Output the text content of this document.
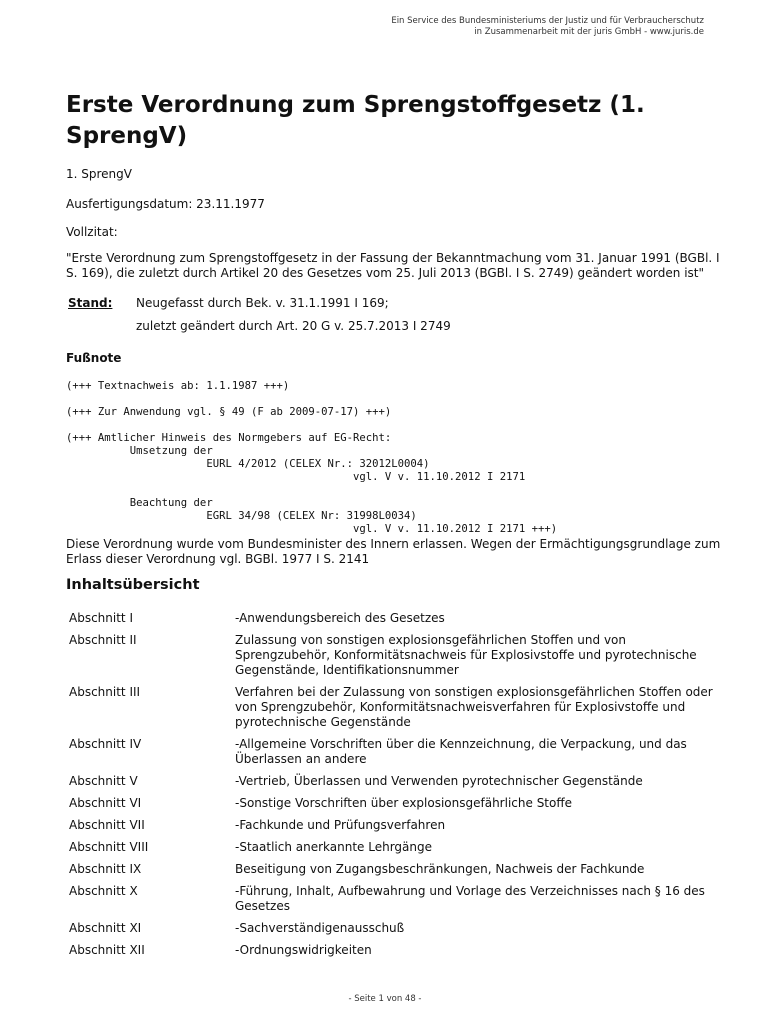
Ein Service des Bundesministeriums der Justiz und für Verbraucherschutz
in Zusammenarbeit mit der juris GmbH - www.juris.de
Erste Verordnung zum Sprengstoffgesetz (1. SprengV)
1. SprengV
Ausfertigungsdatum: 23.11.1977
Vollzitat:
"Erste Verordnung zum Sprengstoffgesetz in der Fassung der Bekanntmachung vom 31. Januar 1991 (BGBl. I S. 169), die zuletzt durch Artikel 20 des Gesetzes vom 25. Juli 2013 (BGBl. I S. 2749) geändert worden ist"
Stand:	Neugefasst durch Bek. v. 31.1.1991 I 169;
zuletzt geändert durch Art. 20 G v. 25.7.2013 I 2749
Fußnote
(+++ Textnachweis ab: 1.1.1987 +++)
(+++ Zur Anwendung vgl. § 49 (F ab 2009-07-17) +++)
(+++ Amtlicher Hinweis des Normgebers auf EG-Recht:
Umsetzung der
EURL 4/2012 (CELEX Nr.: 32012L0004)
vgl. V v. 11.10.2012 I 2171

Beachtung der
EGRL 34/98 (CELEX Nr: 31998L0034)
vgl. V v. 11.10.2012 I 2171 +++)
Diese Verordnung wurde vom Bundesminister des Innern erlassen. Wegen der Ermächtigungsgrundlage zum Erlass dieser Verordnung vgl. BGBl. 1977 I S. 2141
Inhaltsübersicht
Abschnitt I	-Anwendungsbereich des Gesetzes
Abschnitt II	Zulassung von sonstigen explosionsgefährlichen Stoffen und von Sprengzubehör, Konformitätsnachweis für Explosivstoffe und pyrotechnische Gegenstände, Identifikationsnummer
Abschnitt III	Verfahren bei der Zulassung von sonstigen explosionsgefährlichen Stoffen oder von Sprengzubehör, Konformitätsnachweisverfahren für Explosivstoffe und pyrotechnische Gegenstände
Abschnitt IV	-Allgemeine Vorschriften über die Kennzeichnung, die Verpackung, und das Überlassen an andere
Abschnitt V	-Vertrieb, Überlassen und Verwenden pyrotechnischer Gegenstände
Abschnitt VI	-Sonstige Vorschriften über explosionsgefährliche Stoffe
Abschnitt VII	-Fachkunde und Prüfungsverfahren
Abschnitt VIII	-Staatlich anerkannte Lehrgänge
Abschnitt IX	Beseitigung von Zugangsbeschränkungen, Nachweis der Fachkunde
Abschnitt X	-Führung, Inhalt, Aufbewahrung und Vorlage des Verzeichnisses nach § 16 des Gesetzes
Abschnitt XI	-Sachverständigenausschuß
Abschnitt XII	-Ordnungswidrigkeiten
- Seite 1 von 48 -
